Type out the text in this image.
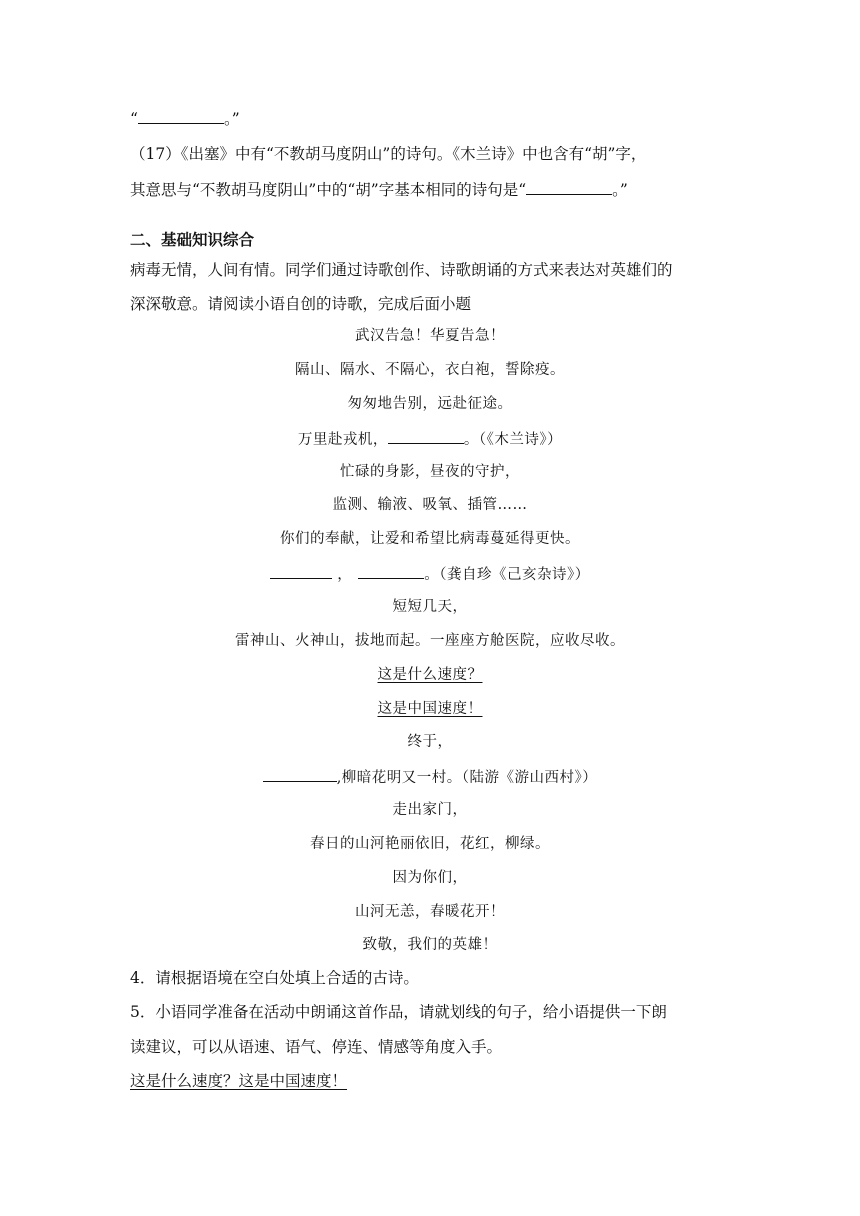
“	。”
（17）《出塞》中有“不教胡马度阴山”的诗句。《木兰诗》中也含有“胡”字，
其意思与“不教胡马度阴山”中的“胡”字基本相同的诗句是“	。”
二、基础知识综合
病毒无情，人间有情。同学们通过诗歌创作、诗歌朗诵的方式来表达对英雄们的
深深敬意。请阅读小语自创的诗歌，完成后面小题
武汉告急！华夏告急！
隔山、隔水、不隔心，衣白袍，誓除疫。
匆匆地告别，远赴征途。
万里赴戎机，	。（《木兰诗》）
忙碌的身影，昼夜的守护，
监测、输液、吸氧、插管……
你们的奉献，让爱和希望比病毒蔓延得更快。
，	。（龚自珍《己亥杂诗》）
短短几天，
雷神山、火神山，拔地而起。一座座方舱医院，应收尽收。
这是什么速度？
这是中国速度！
终于，
,柳暗花明又一村。（陆游《游山西村》）
走出家门，
春日的山河艳丽依旧，花红，柳绿。
因为你们，
山河无恙，春暖花开！
致敬，我们的英雄！
4．请根据语境在空白处填上合适的古诗。
5．小语同学准备在活动中朗诵这首作品，请就划线的句子，给小语提供一下朗
读建议，可以从语速、语气、停连、情感等角度入手。
这是什么速度？这是中国速度！
